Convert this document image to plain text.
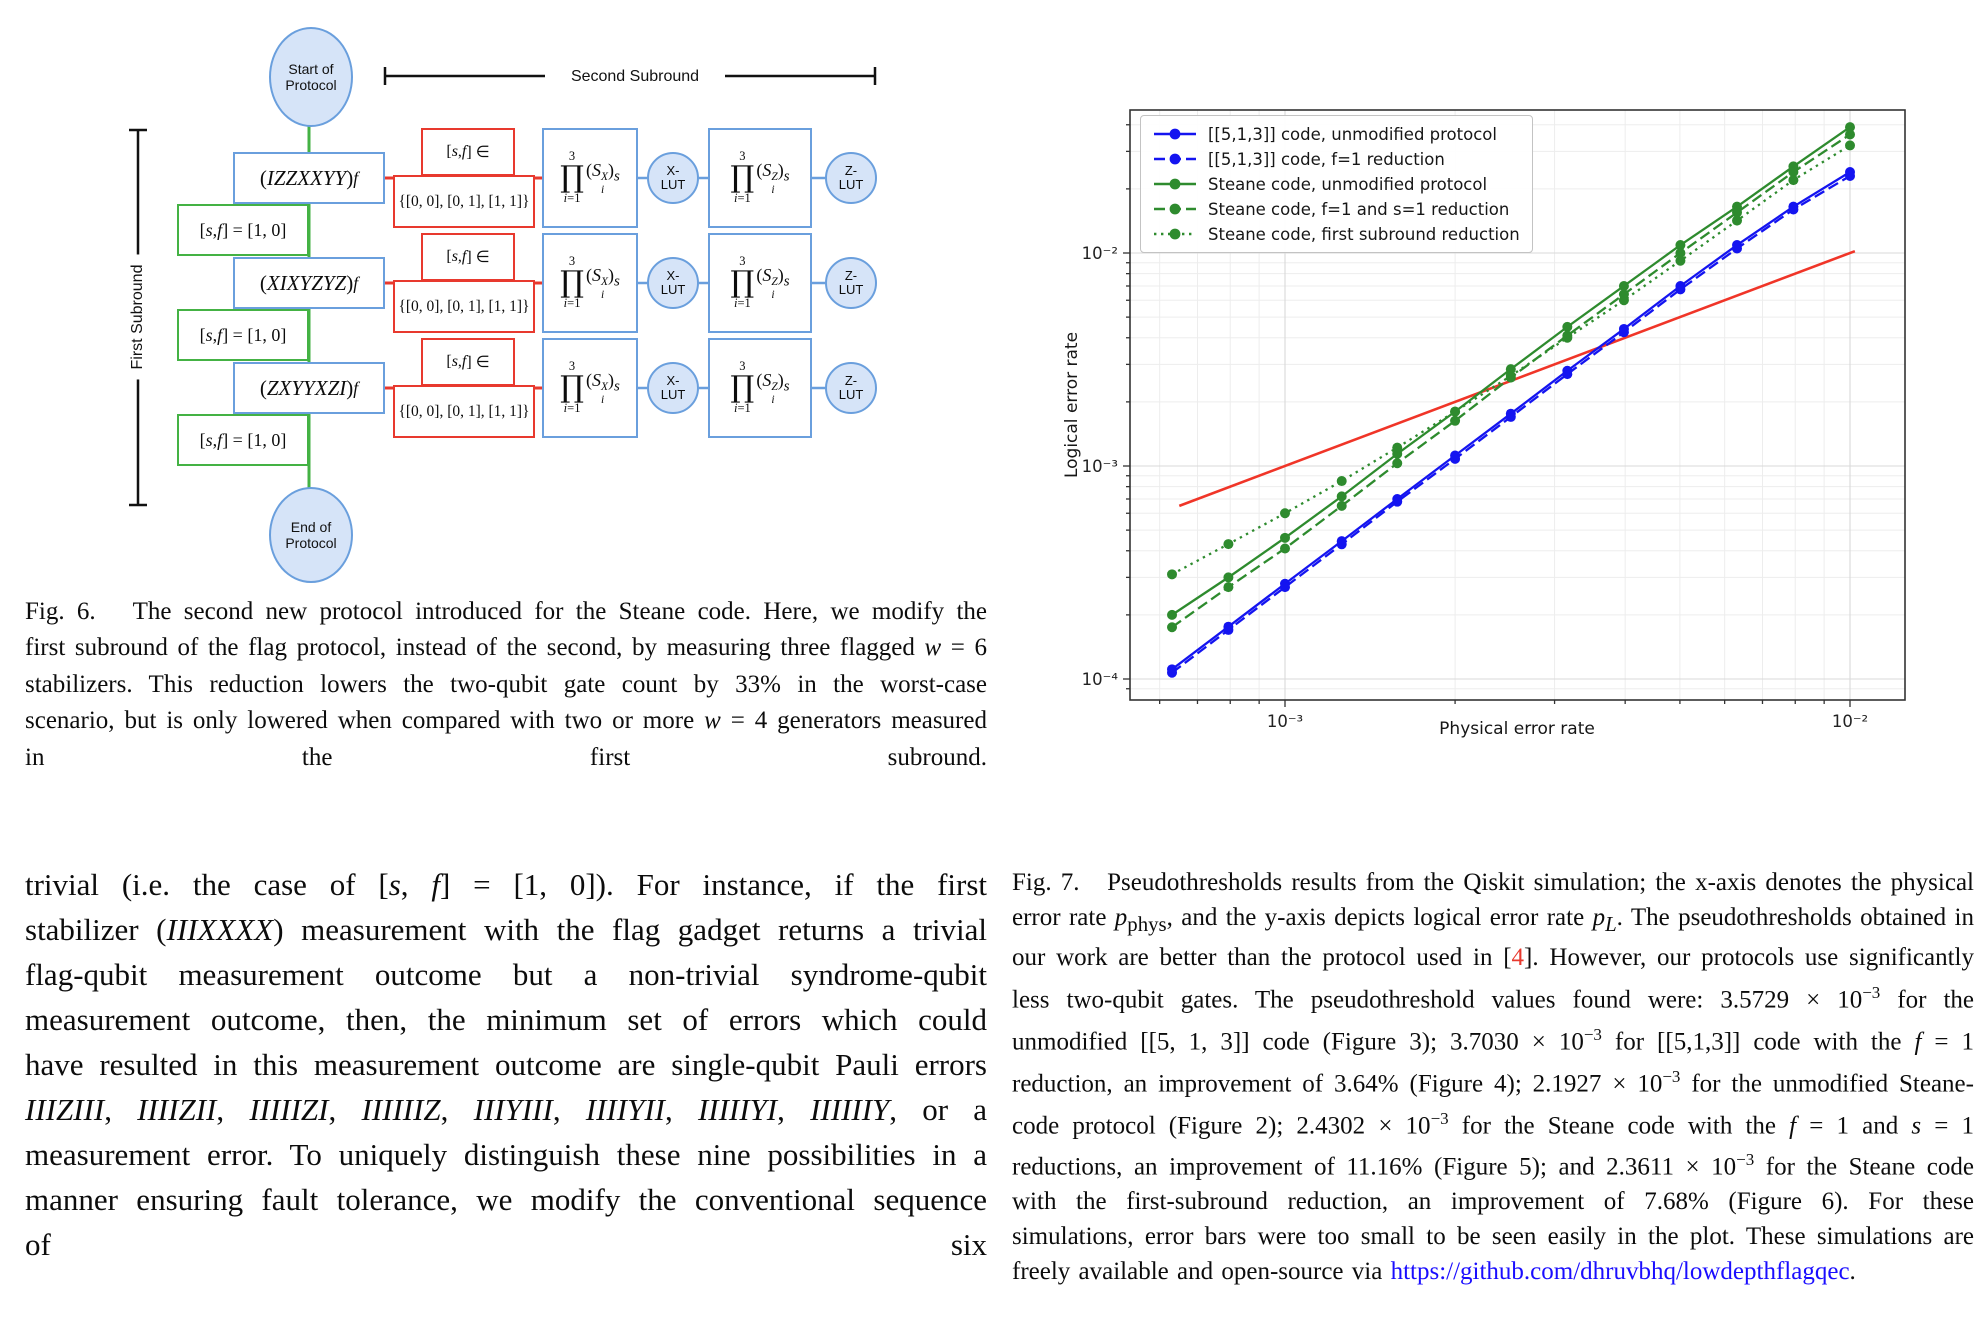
Start of
Protocol
End of
Protocol
Second Subround
First Subround
( IZZXXYY ) f
[ s , f ] ∈
{[0, 0], [0, 1], [1, 1]}
3
∏
i=1
(S X
i
)$_s$	X-
LUT
3
∏
i=1
(S Z
i
)$_s$	Z-
LUT
( XIXYZYZ ) f
[ s , f ] ∈
{[0, 0], [0, 1], [1, 1]}
3
∏
i=1
(S X
i
)$_s$	X-
LUT
3
∏
i=1
(S Z
i
)$_s$	Z-
LUT
( ZXYYXZI ) f
[ s , f ] ∈
{[0, 0], [0, 1], [1, 1]}
3
∏
i=1
(S X
i
)$_s$	X-
LUT
3
∏
i=1
(S Z
i
)$_s$	Z-
LUT
[ s , f ] = [1, 0]
[ s , f ] = [1, 0]
[ s , f ] = [1, 0]
Fig. 6.   The second new protocol introduced for the Steane code. Here, we modify the first subround of the flag protocol, instead of the second, by measuring three flagged w = 6 stabilizers. This reduction lowers the two-qubit gate count by 33% in the worst-case scenario, but is only lowered when compared with two or more w = 4 generators measured in the first subround.
trivial (i.e. the case of [s, f] = [1, 0]). For instance, if the first stabilizer (IIIXXXX) measurement with the flag gadget returns a trivial flag-qubit measurement outcome but a non-trivial syndrome-qubit measurement outcome, then, the minimum set of errors which could have resulted in this measurement outcome are single-qubit Pauli errors IIIZIII, IIIIZII, IIIIIZI, IIIIIIZ, IIIYIII, IIIIYII, IIIIIYI, IIIIIIY, or a measurement error. To uniquely distinguish these nine possibilities in a manner ensuring fault tolerance, we modify the conventional sequence of six
10⁻³	10⁻²
10⁻²
10⁻³
10⁻⁴
Logical error rate
Physical error rate
[[5,1,3]] code, unmodified protocol
[[5,1,3]] code, f=1 reduction
Steane code, unmodified protocol
Steane code, f=1 and s=1 reduction
Steane code, first subround reduction
Fig. 7.   Pseudothresholds results from the Qiskit simulation; the x-axis denotes the physical error rate $p_{phys}$, and the y-axis depicts logical error rate $p_L$. The pseudothresholds obtained in our work are better than the protocol used in [4]. However, our protocols use significantly less two-qubit gates. The pseudothreshold values found were: $3.5729 \times 10^{-3}$ for the unmodified [[5, 1, 3]] code (Figure 3); $3.7030 \times 10^{-3}$ for [[5,1,3]] code with the f = 1 reduction, an improvement of 3.64% (Figure 4); $2.1927 \times 10^{-3}$ for the unmodified Steane-code protocol (Figure 2); $2.4302 \times 10^{-3}$ for the Steane code with the f = 1 and s = 1 reductions, an improvement of 11.16% (Figure 5); and $2.3611 \times 10^{-3}$ for the Steane code with the first-subround reduction, an improvement of 7.68% (Figure 6). For these simulations, error bars were too small to be seen easily in the plot. These simulations are freely available and open-source via https://github.com/dhruvbhq/lowdepthflagqec.
